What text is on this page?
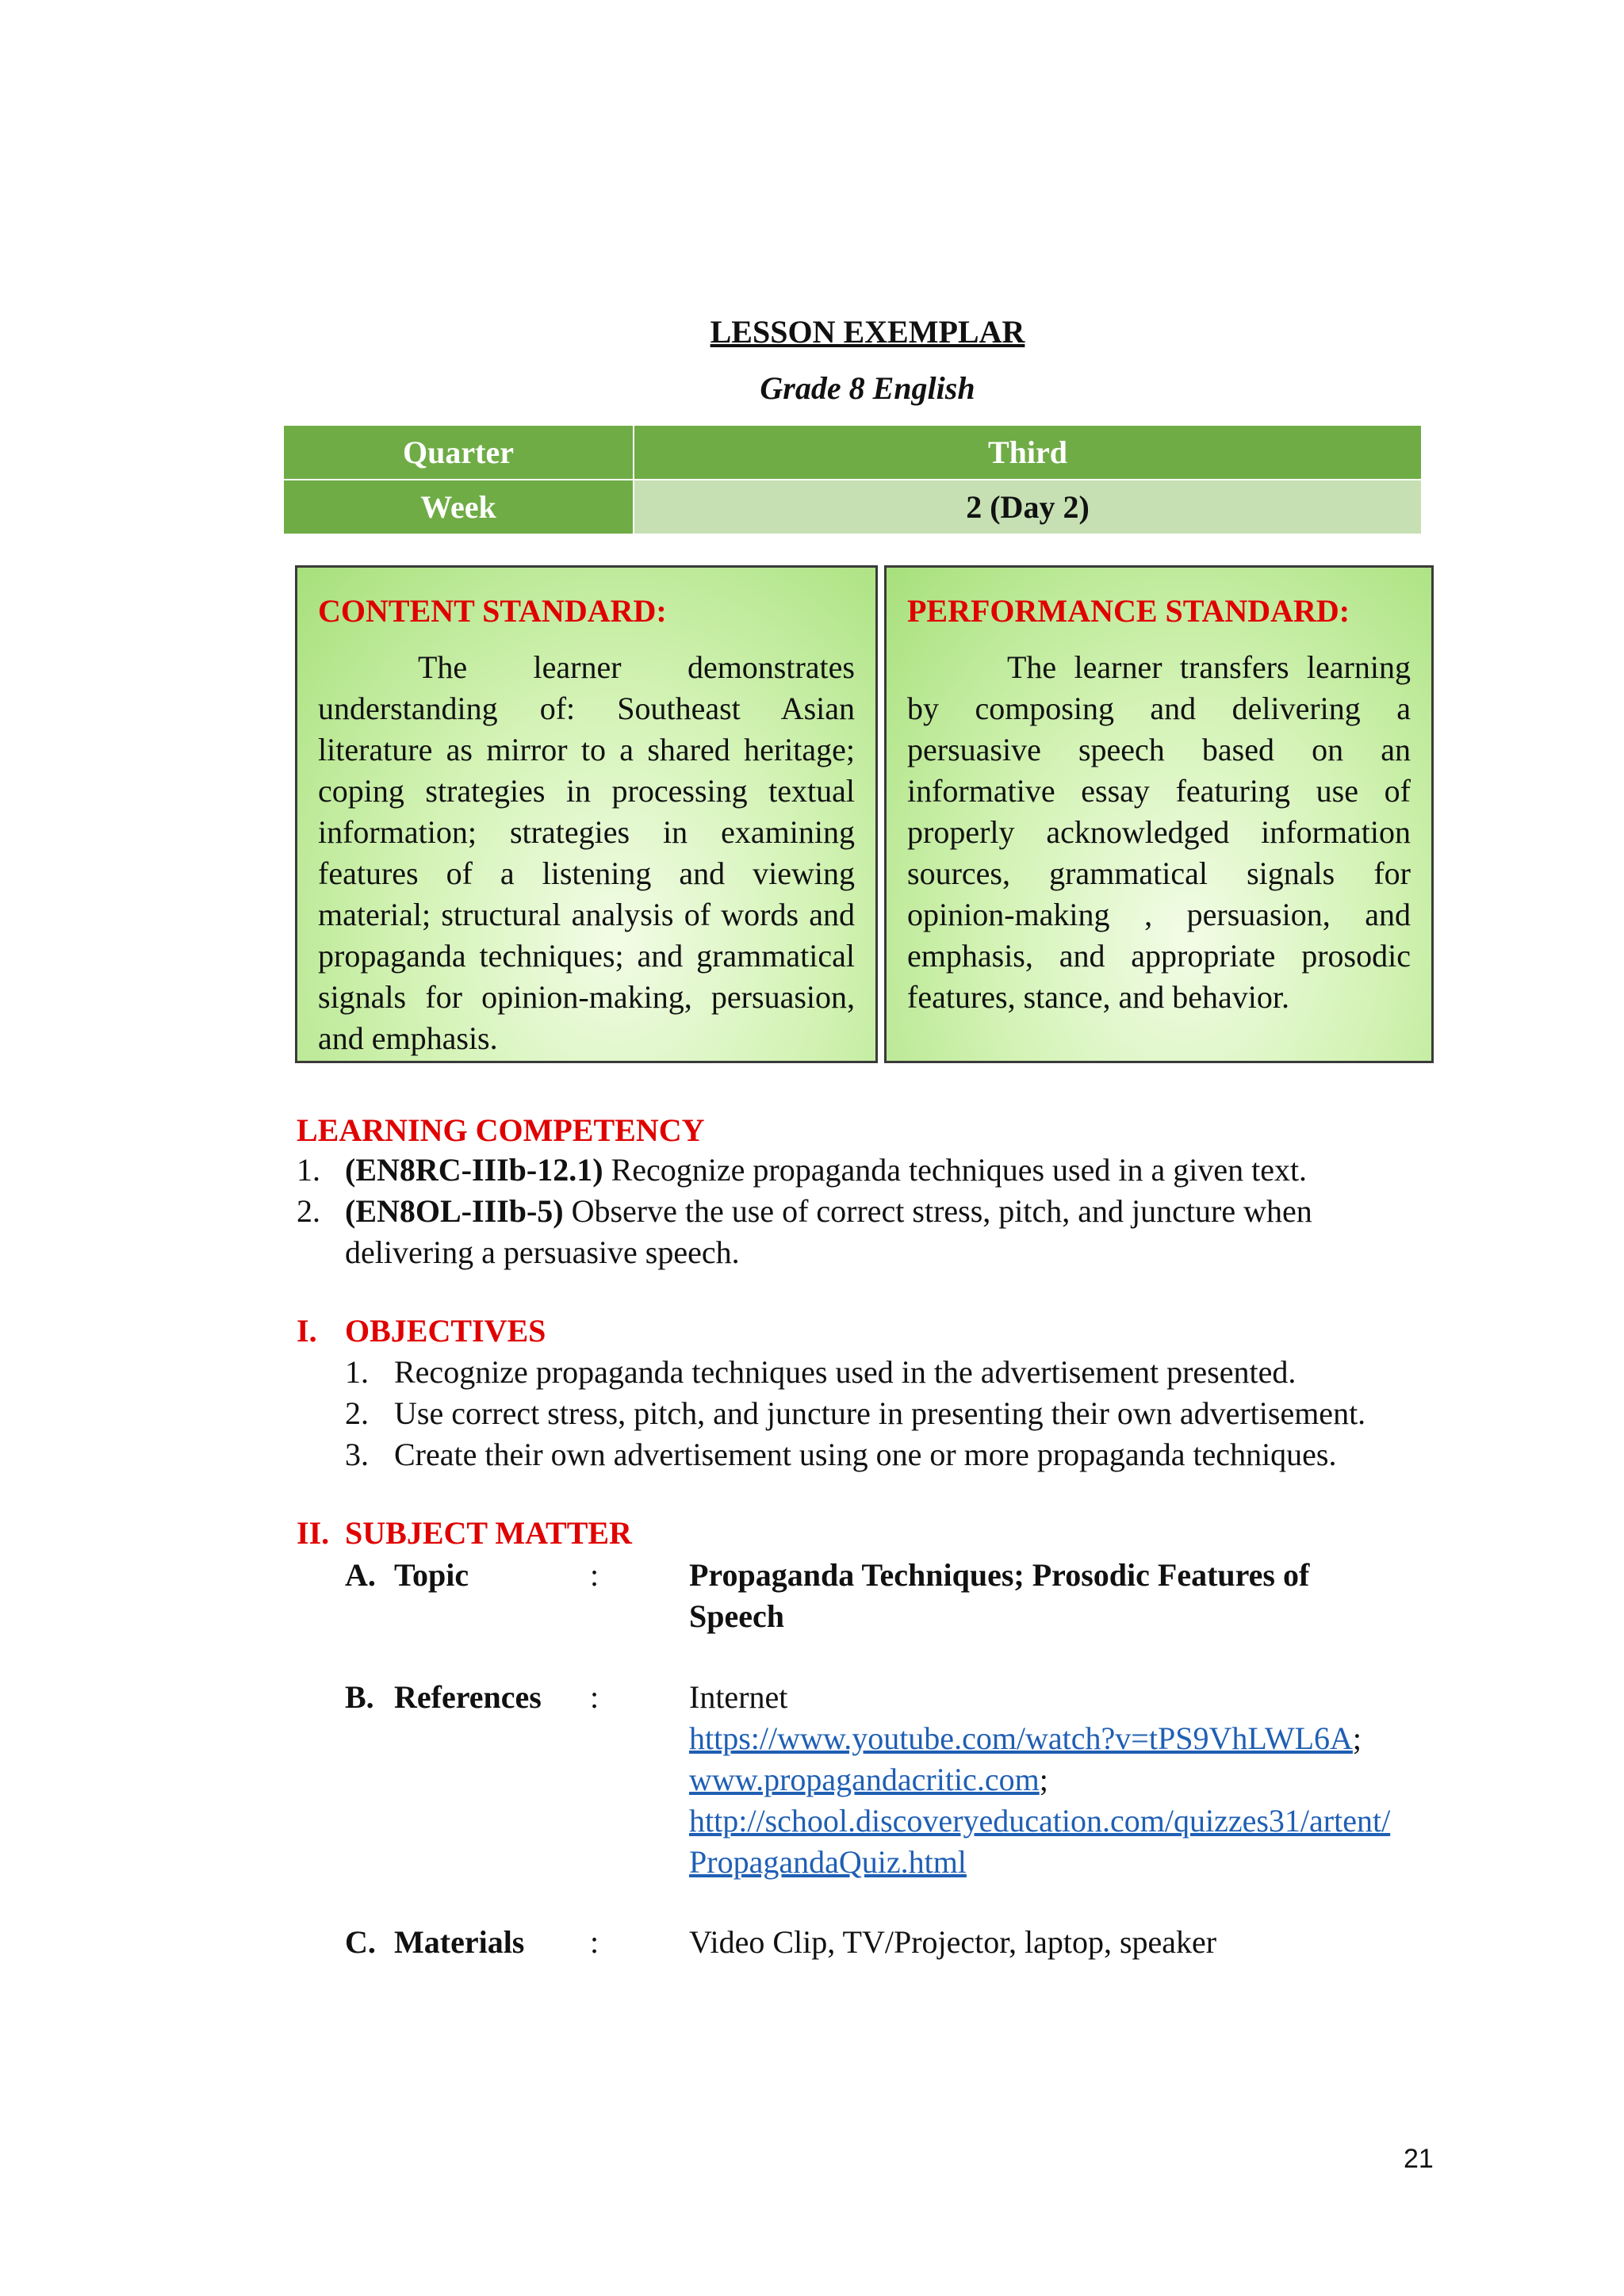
LESSON EXEMPLAR
Grade 8 English
Quarter	Third
Week	2 (Day 2)
CONTENT STANDARD:

The learner demonstrates understanding of: Southeast Asian literature as mirror to a shared heritage; coping strategies in processing textual information; strategies in examining features of a listening and viewing material; structural analysis of words and propaganda techniques; and grammatical signals for opinion-making, persuasion, and emphasis.

PERFORMANCE STANDARD:

The learner transfers learning by composing and delivering a persuasive speech based on an informative essay featuring use of properly acknowledged information sources, grammatical signals for opinion-making , persuasion, and emphasis, and appropriate prosodic features, stance, and behavior.

LEARNING COMPETENCY
1. (EN8RC-IIIb-12.1) Recognize propaganda techniques used in a given text.
2. (EN8OL-IIIb-5) Observe the use of correct stress, pitch, and juncture when
delivering a persuasive speech.
I. OBJECTIVES
1. Recognize propaganda techniques used in the advertisement presented.
2. Use correct stress, pitch, and juncture in presenting their own advertisement.
3. Create their own advertisement using one or more propaganda techniques.
II. SUBJECT MATTER
A. Topic	:	Propaganda Techniques; Prosodic Features of
Speech
B. References :	Internet
https://www.youtube.com/watch?v=tPS9VhLWL6A;
www.propagandacritic.com;
http://school.discoveryeducation.com/quizzes31/artent/
PropagandaQuiz.html
C. Materials :	Video Clip, TV/Projector, laptop, speaker
21
